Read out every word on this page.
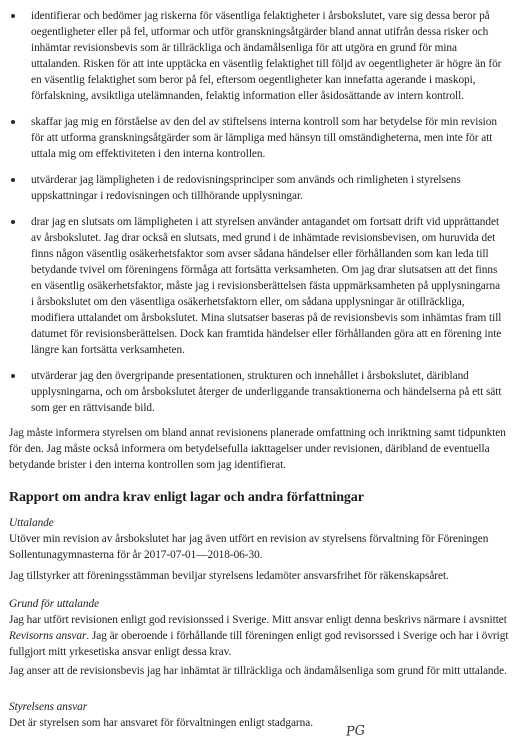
identifierar och bedömer jag riskerna för väsentliga felaktigheter i årsbokslutet, vare sig dessa beror på oegentligheter eller på fel, utformar och utför granskningsåtgärder bland annat utifrån dessa risker och inhämtar revisionsbevis som är tillräckliga och ändamålsenliga för att utgöra en grund för mina uttalanden. Risken för att inte upptäcka en väsentlig felaktighet till följd av oegentligheter är högre än för en väsentlig felaktighet som beror på fel, eftersom oegentligheter kan innefatta agerande i maskopi, förfalskning, avsiktliga utelämnanden, felaktig information eller åsidosättande av intern kontroll.

skaffar jag mig en förståelse av den del av stiftelsens interna kontroll som har betydelse för min revision för att utforma granskningsåtgärder som är lämpliga med hänsyn till omständigheterna, men inte för att uttala mig om effektiviteten i den interna kontrollen.

utvärderar jag lämpligheten i de redovisningsprinciper som används och rimligheten i styrelsens uppskattningar i redovisningen och tillhörande upplysningar.

drar jag en slutsats om lämpligheten i att styrelsen använder antagandet om fortsatt drift vid upprättandet av årsbokslutet. Jag drar också en slutsats, med grund i de inhämtade revisionsbevisen, om huruvida det finns någon väsentlig osäkerhetsfaktor som avser sådana händelser eller förhållanden som kan leda till betydande tvivel om föreningens förmåga att fortsätta verksamheten. Om jag drar slutsatsen att det finns en väsentlig osäkerhetsfaktor, måste jag i revisionsberättelsen fästa uppmärksamheten på upplysningarna i årsbokslutet om den väsentliga osäkerhetsfaktorn eller, om sådana upplysningar är otillräckliga, modifiera uttalandet om årsbokslutet. Mina slutsatser baseras på de revisionsbevis som inhämtas fram till datumet för revisionsberättelsen. Dock kan framtida händelser eller förhållanden göra att en förening inte längre kan fortsätta verksamheten.

utvärderar jag den övergripande presentationen, strukturen och innehållet i årsbokslutet, däribland upplysningarna, och om årsbokslutet återger de underliggande transaktionerna och händelserna på ett sätt som ger en rättvisande bild.

Jag måste informera styrelsen om bland annat revisionens planerade omfattning och inriktning samt tidpunkten för den. Jag måste också informera om betydelsefulla iakttagelser under revisionen, däribland de eventuella betydande brister i den interna kontrollen som jag identifierat.

Rapport om andra krav enligt lagar och andra författningar

Uttalande

Utöver min revision av årsbokslutet har jag även utfört en revision av styrelsens förvaltning för Föreningen Sollentunagymnasterna för år 2017-07-01—2018-06-30.

Jag tillstyrker att föreningsstämman beviljar styrelsens ledamöter ansvarsfrihet för räkenskapsåret.

Grund för uttalande

Jag har utfört revisionen enligt god revisionssed i Sverige. Mitt ansvar enligt denna beskrivs närmare i avsnittet Revisorns ansvar. Jag är oberoende i förhållande till föreningen enligt god revisorssed i Sverige och har i övrigt fullgjort mitt yrkesetiska ansvar enligt dessa krav.

Jag anser att de revisionsbevis jag har inhämtat är tillräckliga och ändamålsenliga som grund för mitt uttalande.

Styrelsens ansvar

Det är styrelsen som har ansvaret för förvaltningen enligt stadgarna.

PG
